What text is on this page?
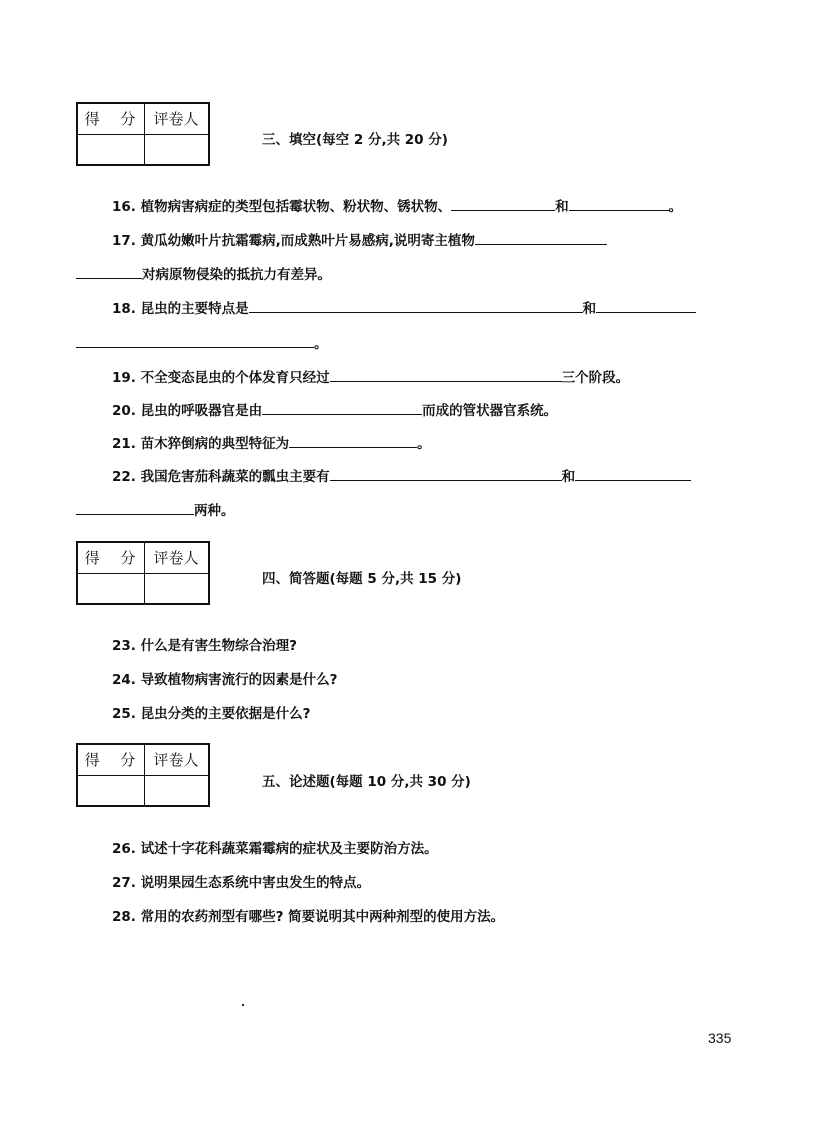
得 分 评卷人
三、填空(每空 2 分,共 20 分)
16. 植物病害病症的类型包括霉状物、粉状物、锈状物、	和	。
17. 黄瓜幼嫩叶片抗霜霉病,而成熟叶片易感病,说明寄主植物
对病原物侵染的抵抗力有差异。
18. 昆虫的主要特点是	和
。
19. 不全变态昆虫的个体发育只经过	三个阶段。
20. 昆虫的呼吸器官是由	而成的管状器官系统。
21. 苗木猝倒病的典型特征为	。
22. 我国危害茄科蔬菜的瓢虫主要有	和
两种。
得 分 评卷人
四、简答题(每题 5 分,共 15 分)
23. 什么是有害生物综合治理?
24. 导致植物病害流行的因素是什么?
25. 昆虫分类的主要依据是什么?
得 分 评卷人
五、论述题(每题 10 分,共 30 分)
26. 试述十字花科蔬菜霜霉病的症状及主要防治方法。
27. 说明果园生态系统中害虫发生的特点。
28. 常用的农药剂型有哪些? 简要说明其中两种剂型的使用方法。
335
